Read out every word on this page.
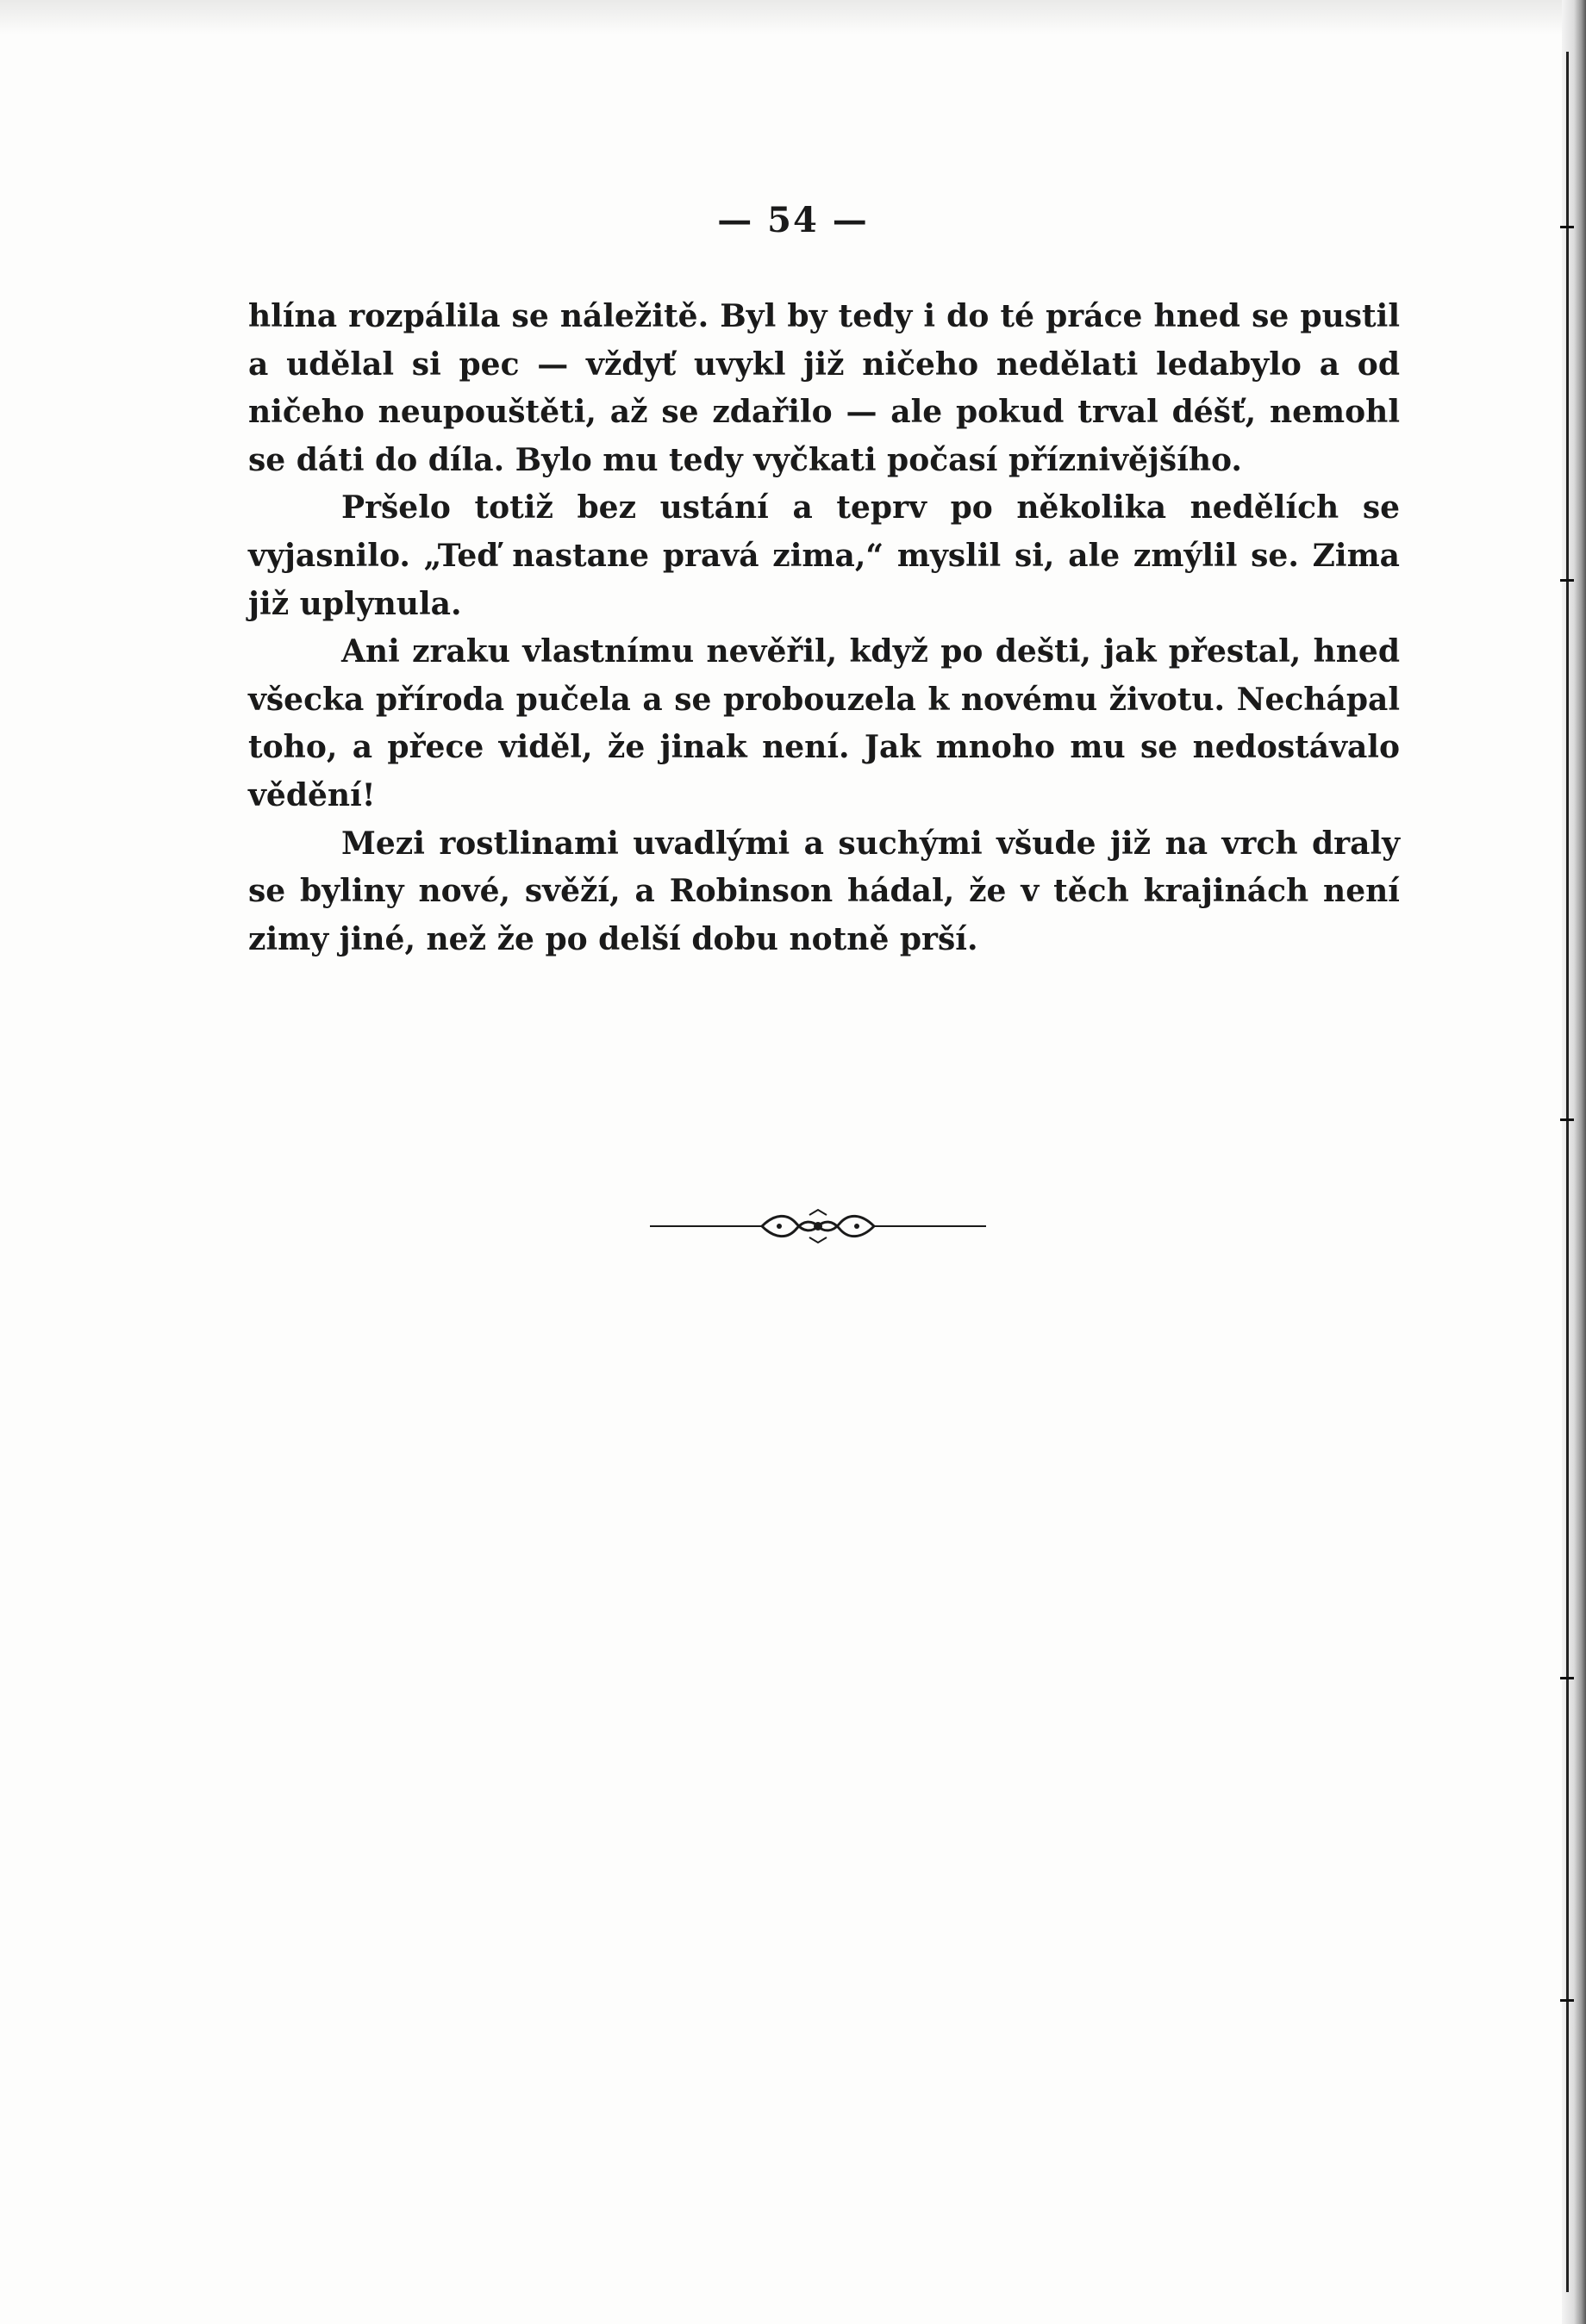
— 54 —

hlína rozpálila se náležitě. Byl by tedy i do té práce hned se pustil a udělal si pec — vždyť uvykl již ničeho nedělati ledabylo a od ničeho neupouštěti, až se zdařilo — ale pokud trval déšť, nemohl se dáti do díla. Bylo mu tedy vyčkati počasí příznivějšího.

Pršelo totiž bez ustání a teprv po několika nedělích se vyjasnilo. „Teď nastane pravá zima,“ myslil si, ale zmýlil se. Zima již uplynula.

Ani zraku vlastnímu nevěřil, když po dešti, jak přestal, hned všecka příroda pučela a se probouzela k novému životu. Nechápal toho, a přece viděl, že jinak není. Jak mnoho mu se nedostávalo vědění!

Mezi rostlinami uvadlými a suchými všude již na vrch draly se byliny nové, svěží, a Robinson hádal, že v těch krajinách není zimy jiné, než že po delší dobu notně prší.
